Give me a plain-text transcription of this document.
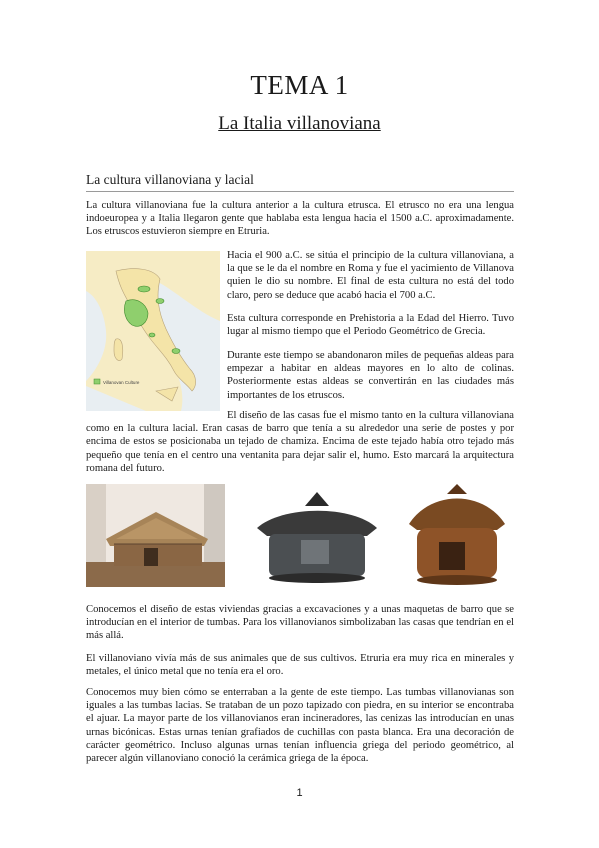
TEMA 1
La Italia villanoviana
La cultura villanoviana y lacial

La cultura villanoviana fue la cultura anterior a la cultura etrusca. El etrusco no era una lengua indoeuropea y a Italia llegaron gente que hablaba esta lengua hacia el 1500 a.C. aproximadamente. Los etruscos estuvieron siempre en Etruria.

Villanovan Culture

Hacia el 900 a.C. se sitúa el principio de la cultura villanoviana, a la que se le da el nombre en Roma y fue el yacimiento de Villanova quien le dio su nombre. El final de esta cultura no está del todo claro, pero se deduce que acabó hacia el 700 a.C.

Esta cultura corresponde en Prehistoria a la Edad del Hierro. Tuvo lugar al mismo tiempo que el Periodo Geométrico de Grecia.

Durante este tiempo se abandonaron miles de pequeñas aldeas para empezar a habitar en aldeas mayores en lo alto de colinas. Posteriormente estas aldeas se convertirán en las ciudades más importantes de los etruscos.

El diseño de las casas fue el mismo tanto en la cultura villanoviana como en la cultura lacial. Eran casas de barro que tenía a su alrededor una serie de postes y por encima de estos se posicionaba un tejado de chamiza. Encima de este tejado había otro tejado más pequeño que tenía en el centro una ventanita para dejar salir el, humo. Esto marcará la arquitectura romana del futuro.

Conocemos el diseño de estas viviendas gracias a excavaciones y a unas maquetas de barro que se introducían en el interior de tumbas. Para los villanovianos simbolizaban las casas que tendrían en el más allá.

El villanoviano vivía más de sus animales que de sus cultivos. Etruria era muy rica en minerales y metales, el único metal que no tenía era el oro.

Conocemos muy bien cómo se enterraban a la gente de este tiempo. Las tumbas villanovianas son iguales a las tumbas lacias. Se trataban de un pozo tapizado con piedra, en su interior se encontraba el ajuar. La mayor parte de los villanovianos eran incineradores, las cenizas las introducían en unas urnas bicónicas. Estas urnas tenían grafiados de cuchillas con pasta blanca. Era una decoración de carácter geométrico. Incluso algunas urnas tenían influencia griega del periodo geométrico, al parecer algún villanoviano conoció la cerámica griega de la época.

1
